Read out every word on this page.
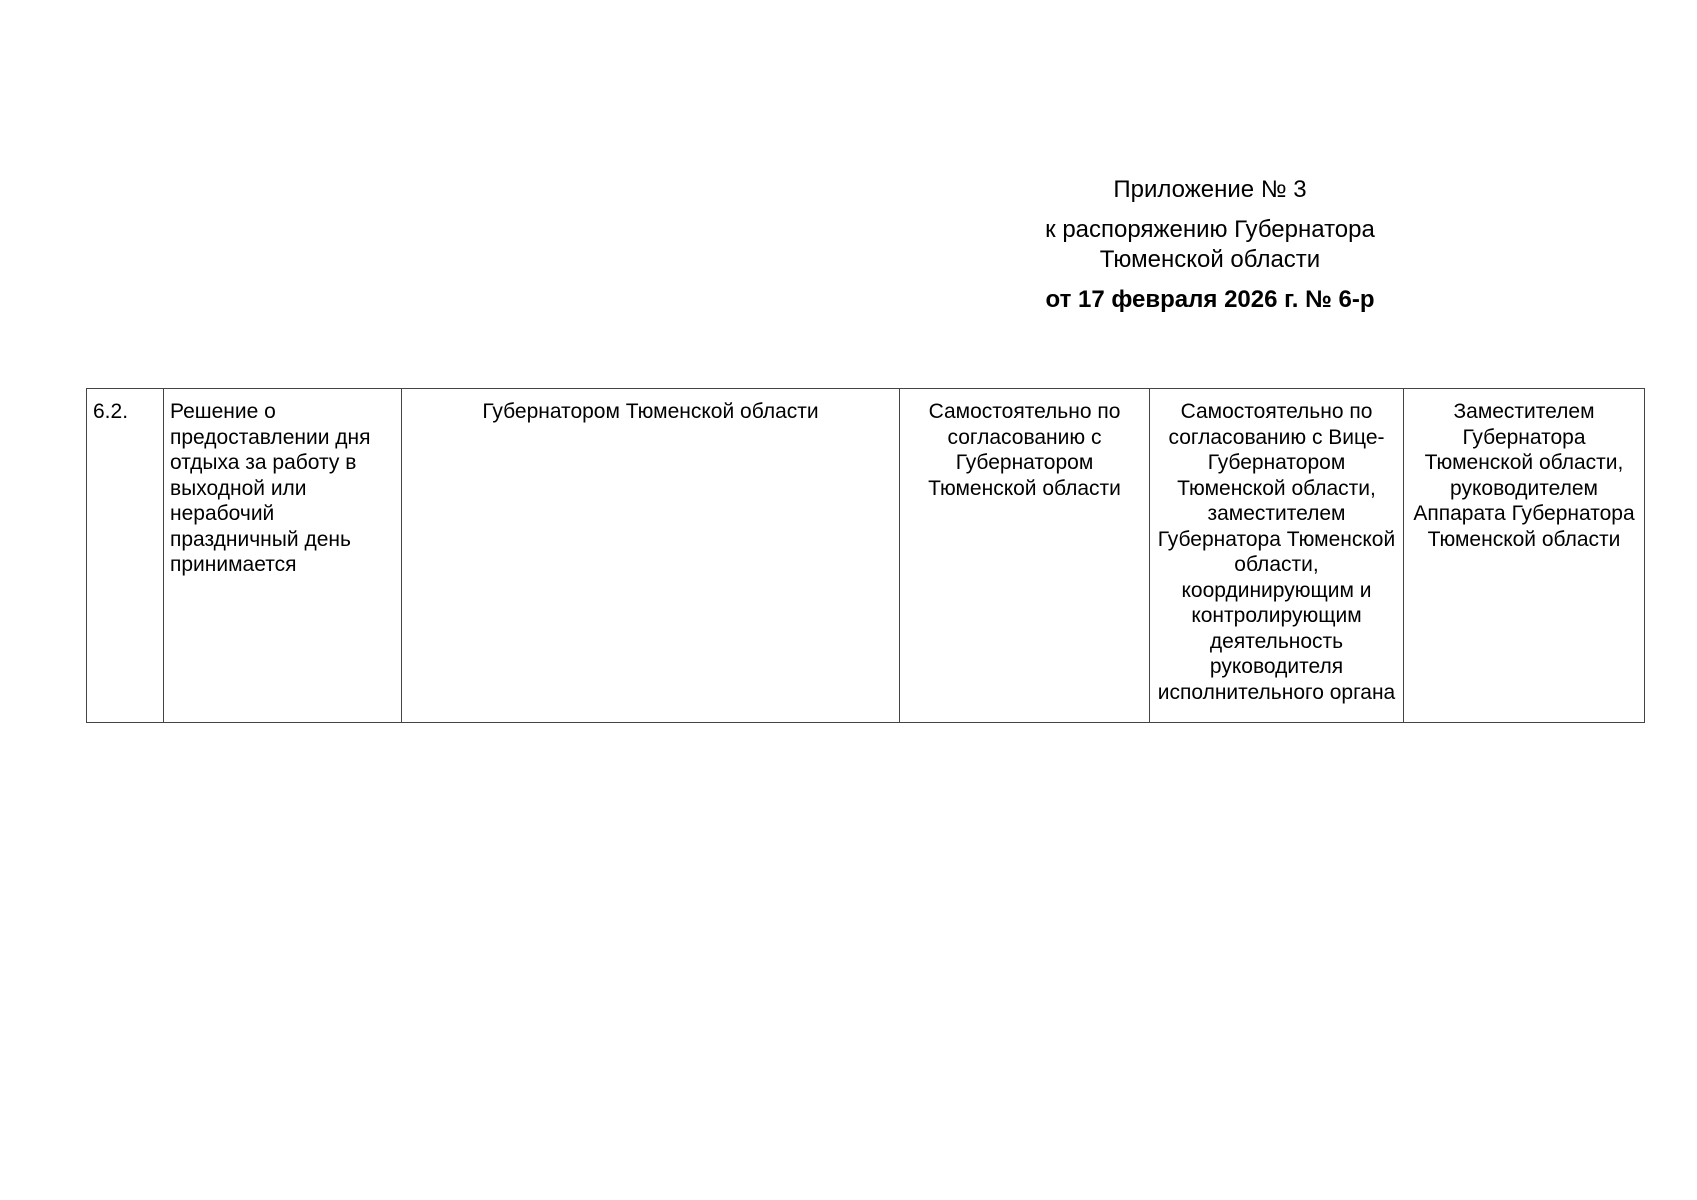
Приложение № 3
к распоряжению Губернатора
Тюменской области
от 17 февраля 2026 г. № 6-р
6.2.	Решение о предоставлении дня отдыха за работу в выходной или нерабочий праздничный день принимается	Губернатором Тюменской области	Самостоятельно по согласованию с Губернатором Тюменской области	Самостоятельно по согласованию с Вице-Губернатором Тюменской области, заместителем Губернатора Тюменской области, координирующим и контролирующим деятельность руководителя исполнительного органа	Заместителем Губернатора Тюменской области, руководителем Аппарата Губернатора Тюменской области
